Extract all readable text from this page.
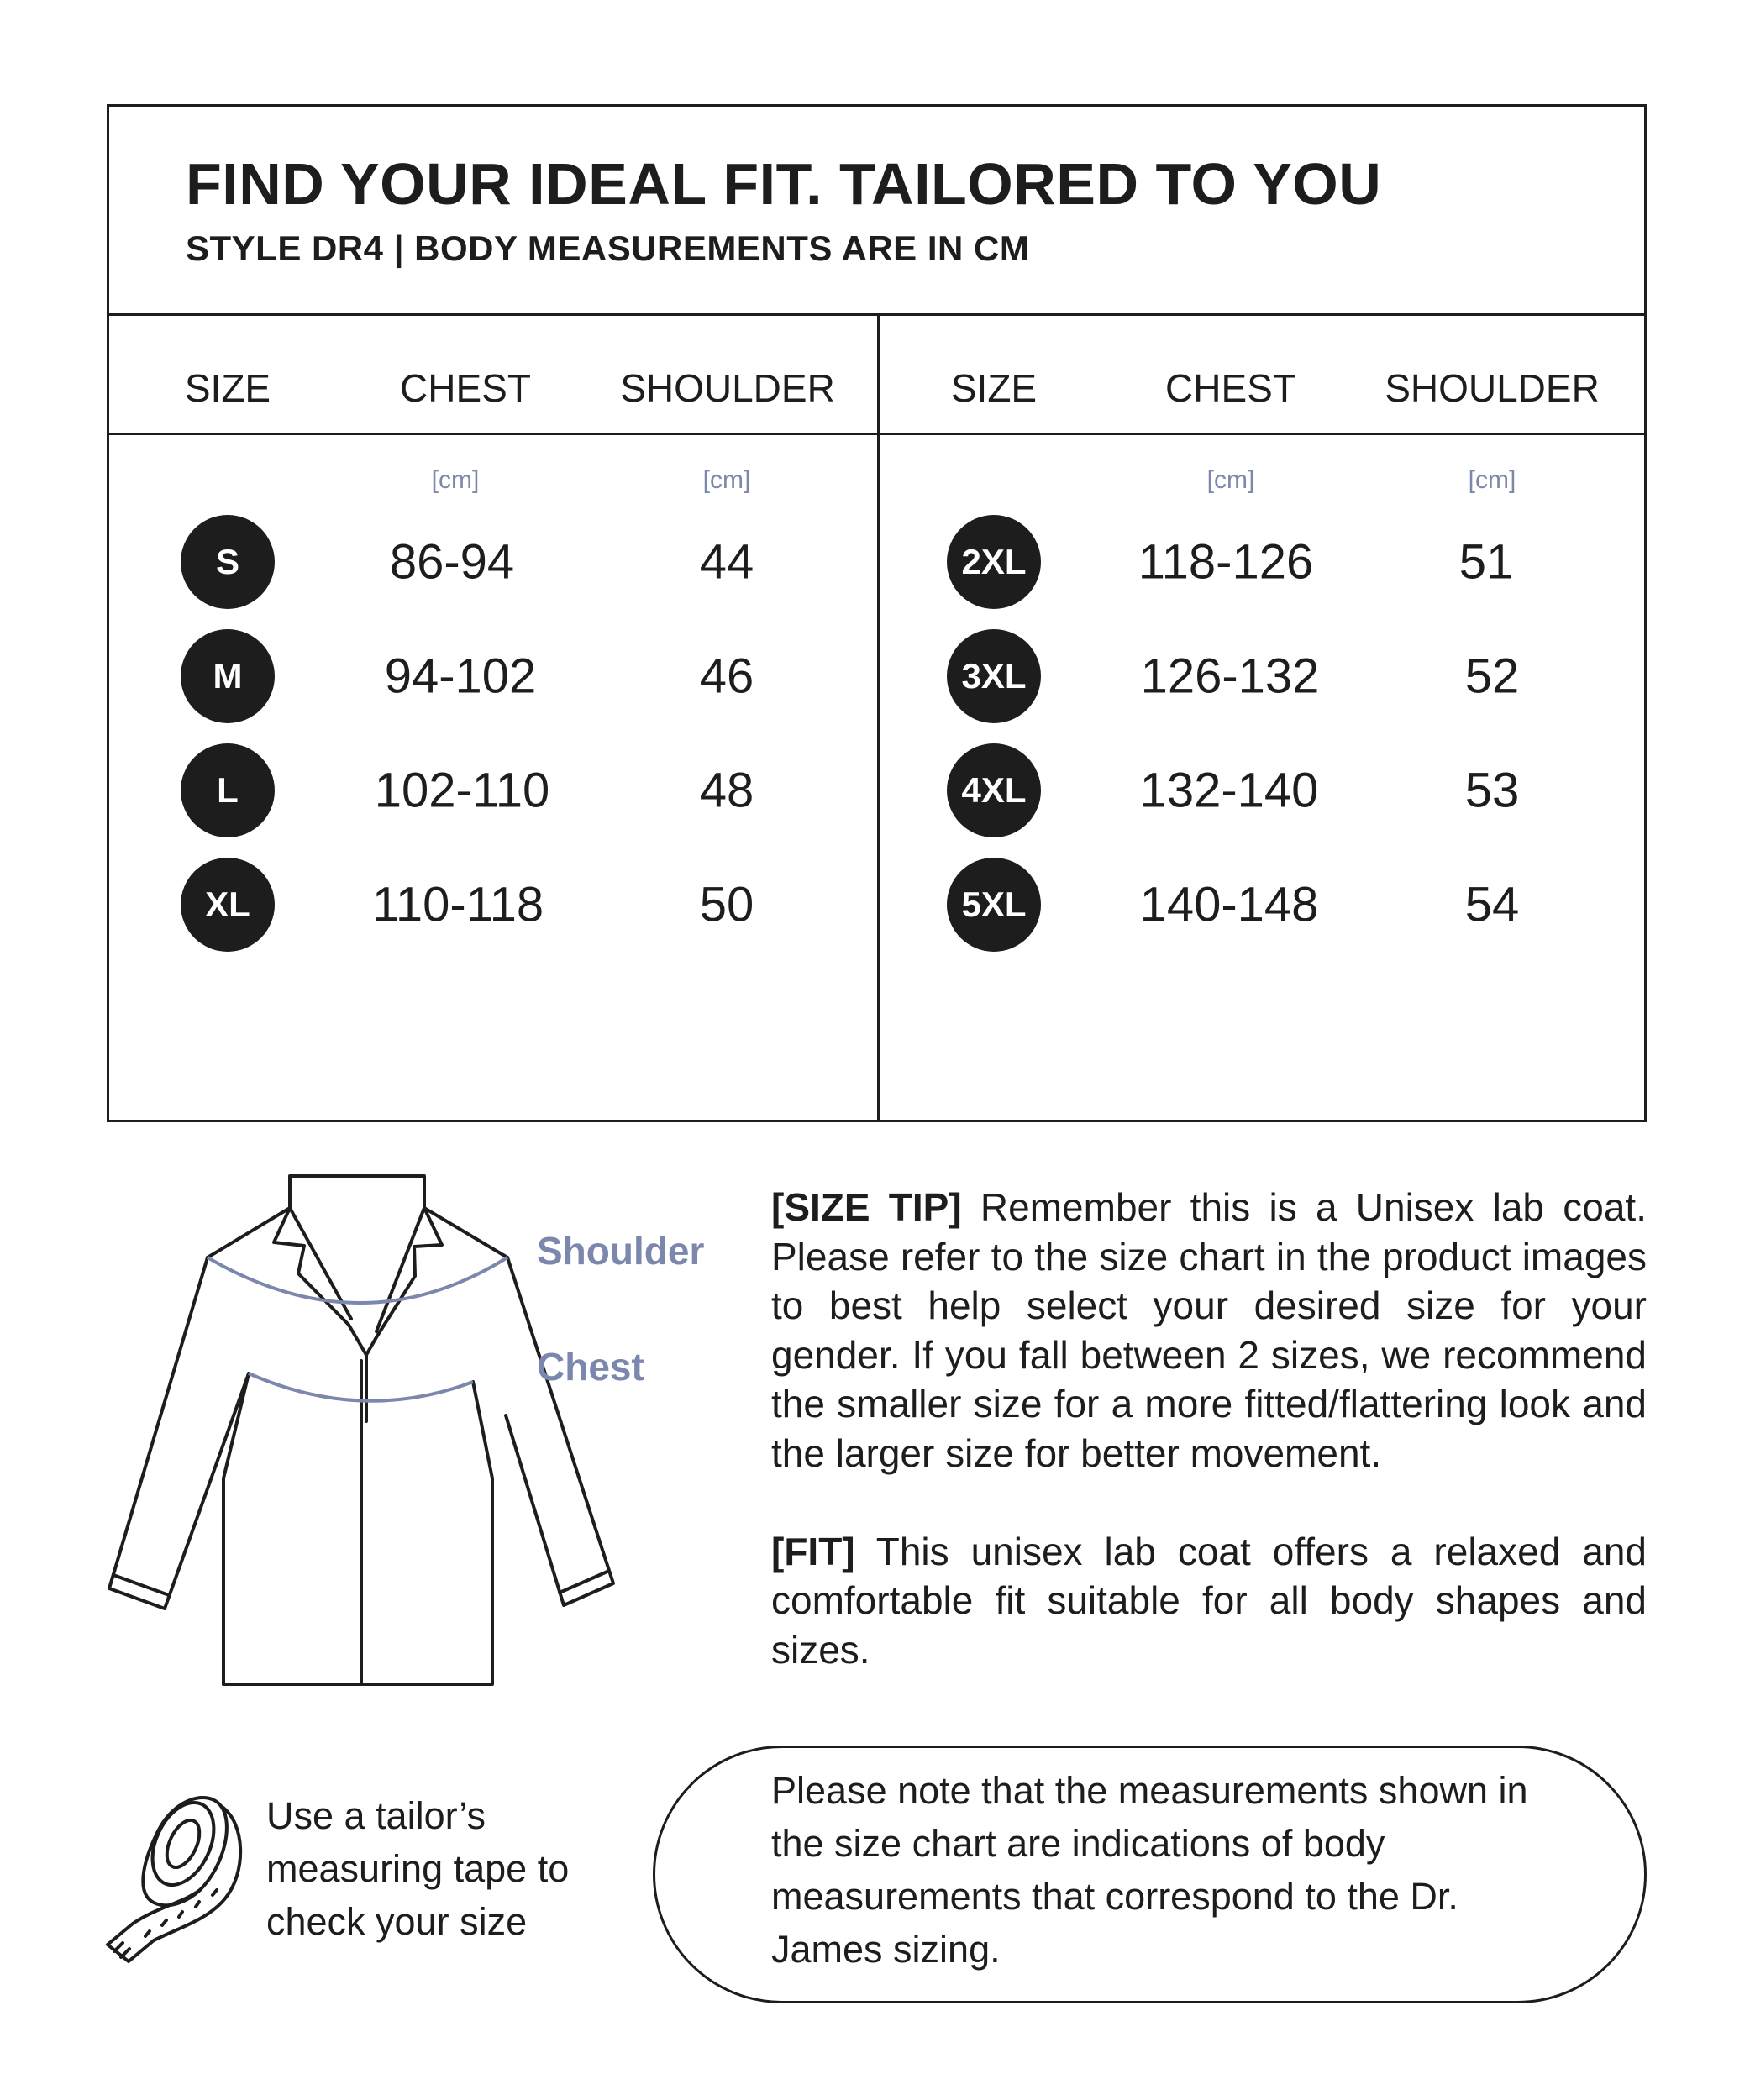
FIND YOUR IDEAL FIT. TAILORED TO YOU
STYLE DR4 | BODY MEASUREMENTS ARE IN CM
SIZE	CHEST SHOULDER
[cm]	[cm]
S	86-94	44
M	94-102	46
L	102-110	48
XL	110-118	50
SIZE	CHEST SHOULDER
[cm]	[cm]
2XL	118-126	51
3XL	126-132	52
4XL	132-140	53
5XL	140-148	54
Shoulder
Chest

[SIZE TIP] Remember this is a Unisex lab coat. Please refer to the size chart in the product images to best help select your desired size for your gender. If you fall between 2 sizes, we recommend the smaller size for a more fitted/flattering look and the larger size for better movement.

[FIT] This unisex lab coat offers a relaxed and comfortable fit suitable for all body shapes and sizes.

Use a tailor’s measuring tape to check your size
Please note that the measurements shown in the size chart are indications of body measurements that correspond to the Dr. James sizing.
